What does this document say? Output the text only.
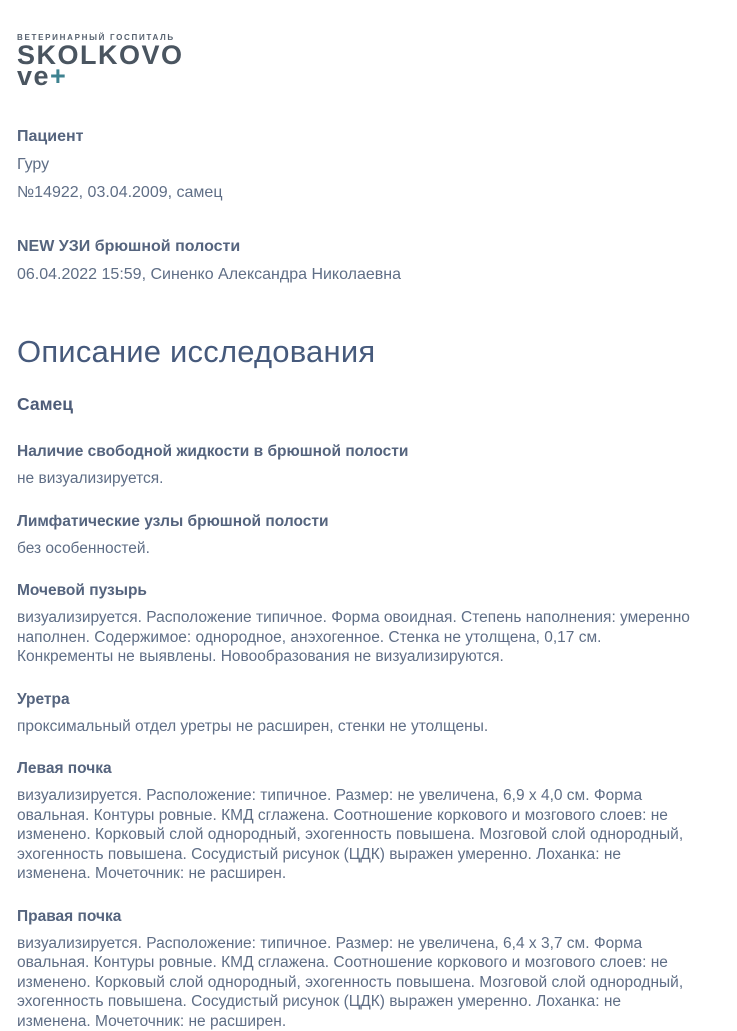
ВЕТЕРИНАРНЫЙ ГОСПИТАЛЬ
SKOLKOVO
ve+

Пациент

Гуру

№14922, 03.04.2009, самец

NEW УЗИ брюшной полости
06.04.2022 15:59, Синенко Александра Николаевна
Описание исследования
Самец
Наличие свободной жидкости в брюшной полости
не визуализируется.
Лимфатические узлы брюшной полости
без особенностей.
Мочевой пузырь
визуализируется. Расположение типичное. Форма овоидная. Степень наполнения: умеренно наполнен. Содержимое: однородное, анэхогенное. Стенка не утолщена, 0,17 см. Конкременты не выявлены. Новообразования не визуализируются.
Уретра
проксимальный отдел уретры не расширен, стенки не утолщены.
Левая почка
визуализируется. Расположение: типичное. Размер: не увеличена, 6,9 x 4,0 см. Форма овальная. Контуры ровные. КМД сглажена. Соотношение коркового и мозгового слоев: не изменено. Корковый слой однородный, эхогенность повышена. Мозговой слой однородный, эхогенность повышена. Сосудистый рисунок (ЦДК) выражен умеренно. Лоханка: не изменена. Мочеточник: не расширен.
Правая почка
визуализируется. Расположение: типичное. Размер: не увеличена, 6,4 x 3,7 см. Форма овальная. Контуры ровные. КМД сглажена. Соотношение коркового и мозгового слоев: не изменено. Корковый слой однородный, эхогенность повышена. Мозговой слой однородный, эхогенность повышена. Сосудистый рисунок (ЦДК) выражен умеренно. Лоханка: не изменена. Мочеточник: не расширен.
